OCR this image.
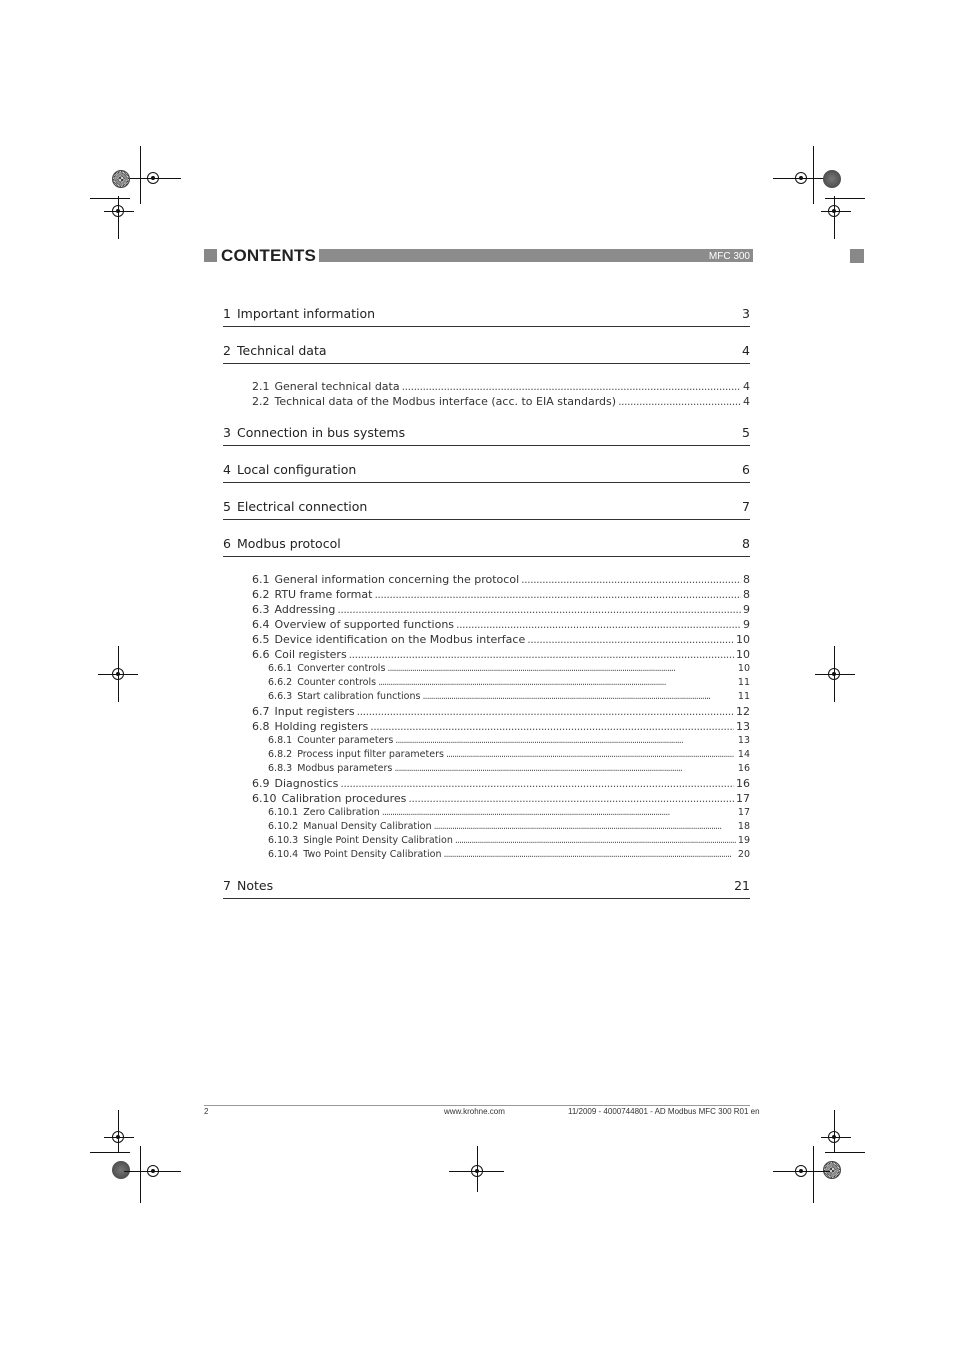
CONTENTS	MFC 300
1 Important information	3
2 Technical data	4
2.1 General technical data . . .	4
2.2 Technical data of the Modbus interface (acc. to EIA standards) . . .	4
3 Connection in bus systems	5
4 Local configuration	6
5 Electrical connection	7
6 Modbus protocol	8
6.1 General information concerning the protocol . . .	8
6.2 RTU frame format . . .	8
6.3 Addressing . . .	9
6.4 Overview of supported functions . . .	9
6.5 Device identification on the Modbus interface . . .	10
6.6 Coil registers . . .	10
6.6.1 Converter controls . . .	10
6.6.2 Counter controls . . .	11
6.6.3 Start calibration functions . . .	11
6.7 Input registers . . .	12
6.8 Holding registers . . .	13
6.8.1 Counter parameters . . .	13
6.8.2 Process input filter parameters . . .	14
6.8.3 Modbus parameters . . .	16
6.9 Diagnostics . . .	16
6.10 Calibration procedures . . .	17
6.10.1 Zero Calibration . . .	17
6.10.2 Manual Density Calibration . . .	18
6.10.3 Single Point Density Calibration . . .	19
6.10.4 Two Point Density Calibration . . .	20
7 Notes	21
2	www.krohne.com	11/2009 - 4000744801 - AD Modbus MFC 300 R01 en
